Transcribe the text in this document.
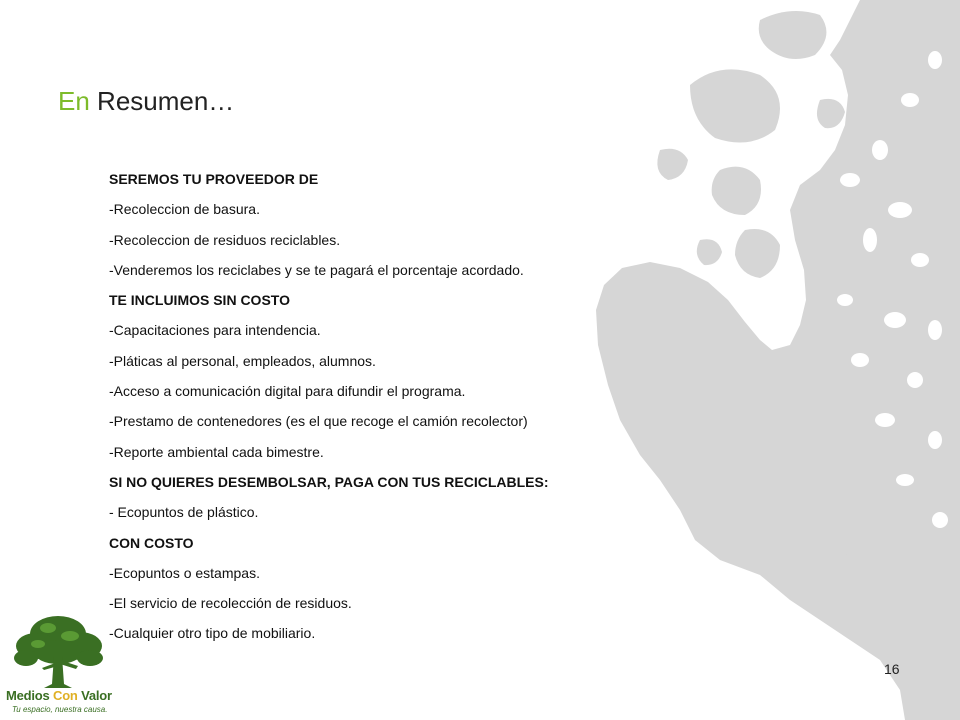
En Resumen…
SEREMOS TU PROVEEDOR DE
-Recoleccion de basura.
-Recoleccion de residuos reciclables.
-Venderemos los reciclabes y se te pagará el porcentaje acordado.
TE INCLUIMOS SIN COSTO
-Capacitaciones para intendencia.
-Pláticas al personal, empleados, alumnos.
-Acceso a comunicación digital para difundir el programa.
-Prestamo de contenedores (es el que recoge el camión recolector)
-Reporte ambiental cada bimestre.
SI NO QUIERES DESEMBOLSAR, PAGA CON TUS RECICLABLES:
- Ecopuntos de plástico.
CON COSTO
-Ecopuntos o estampas.
-El servicio de recolección de residuos.
-Cualquier otro tipo de mobiliario.
16
Medios Con Valor
Tu espacio, nuestra causa.
